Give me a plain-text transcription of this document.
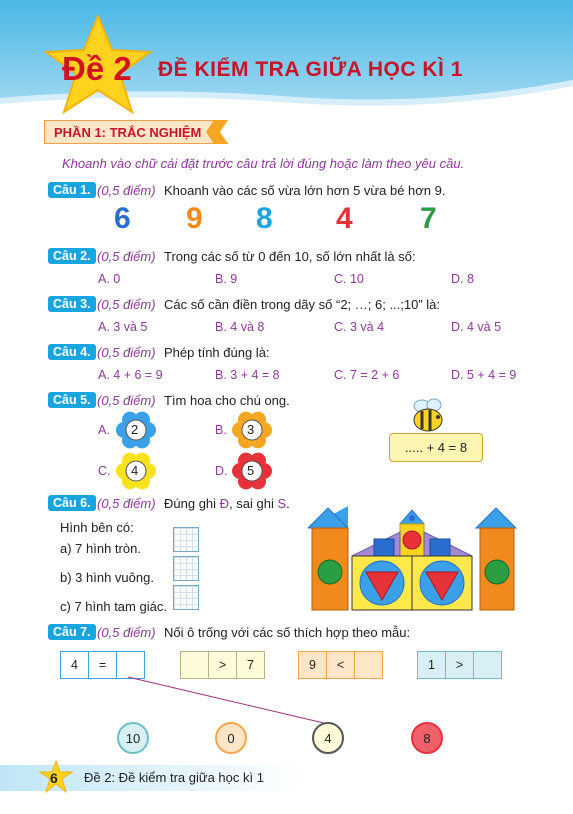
Đề 2 ĐỀ KIỂM TRA GIỮA HỌC KÌ 1
PHẦN 1: TRẮC NGHIỆM
Khoanh vào chữ cái đặt trước câu trả lời đúng hoặc làm theo yêu cầu.
Câu 1. (0,5 điểm) Khoanh vào các số vừa lớn hơn 5 vừa bé hơn 9.
6 9 8 4 7
Câu 2. (0,5 điểm) Trong các số từ 0 đến 10, số lớn nhất là số:
A. 0	B. 9	C. 10	D. 8
Câu 3. (0,5 điểm) Các số cần điền trong dãy số “2; …; 6; ...;10” là:
A. 3 và 5	B. 4 và 8	C. 3 và 4	D. 4 và 5
Câu 4. (0,5 điểm) Phép tính đúng là:
A. 4 + 6 = 9	B. 3 + 4 = 8	C. 7 = 2 + 6	D. 5 + 4 = 9
Câu 5. (0,5 điểm) Tìm hoa cho chú ong.
A. 2	B. 3
C. 4	D. 5
..... + 4 = 8
Câu 6. (0,5 điểm) Đúng ghi Đ, sai ghi S.
Hình bên có:
a) 7 hình tròn.
b) 3 hình vuông.
c) 7 hình tam giác.
Câu 7. (0,5 điểm) Nối ô trống với các số thích hợp theo mẫu:
4	=	>	7	9	<	1	>
10	0	4	8
6 Đề 2: Đề kiểm tra giữa học kì 1
